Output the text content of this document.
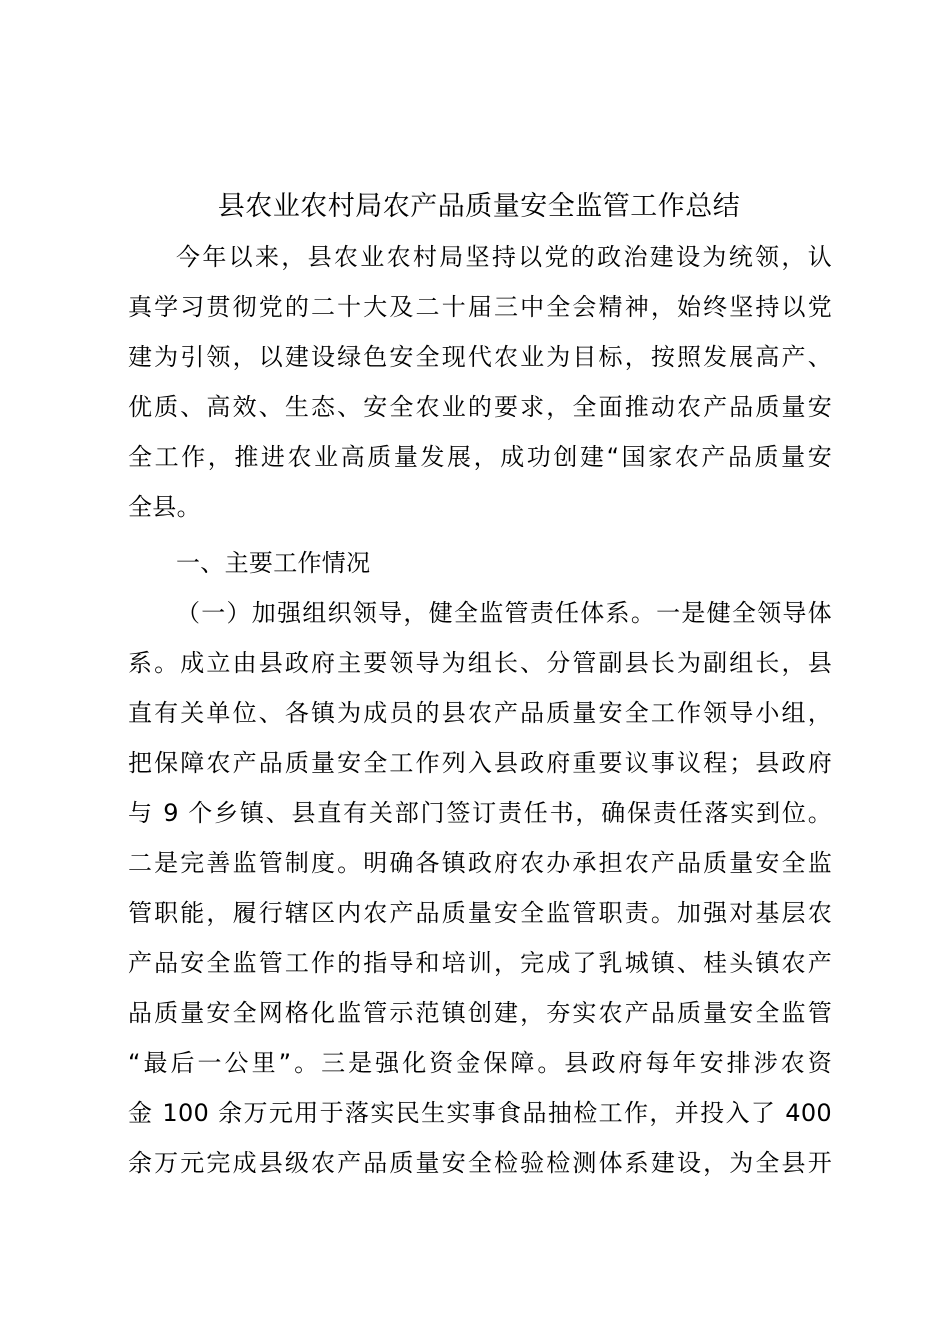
县农业农村局农产品质量安全监管工作总结
今年以来，县农业农村局坚持以党的政治建设为统领，认
真学习贯彻党的二十大及二十届三中全会精神，始终坚持以党
建为引领，以建设绿色安全现代农业为目标，按照发展高产、
优质、高效、生态、安全农业的要求，全面推动农产品质量安
全工作，推进农业高质量发展，成功创建“国家农产品质量安
全县。
一、主要工作情况
（一）加强组织领导，健全监管责任体系。一是健全领导体
系。成立由县政府主要领导为组长、分管副县长为副组长，县
直有关单位、各镇为成员的县农产品质量安全工作领导小组，
把保障农产品质量安全工作列入县政府重要议事议程；县政府
与 9 个乡镇、县直有关部门签订责任书，确保责任落实到位。
二是完善监管制度。明确各镇政府农办承担农产品质量安全监
管职能，履行辖区内农产品质量安全监管职责。加强对基层农
产品安全监管工作的指导和培训，完成了乳城镇、桂头镇农产
品质量安全网格化监管示范镇创建，夯实农产品质量安全监管
“最后一公里”。三是强化资金保障。县政府每年安排涉农资
金 100 余万元用于落实民生实事食品抽检工作，并投入了 400
余万元完成县级农产品质量安全检验检测体系建设，为全县开
